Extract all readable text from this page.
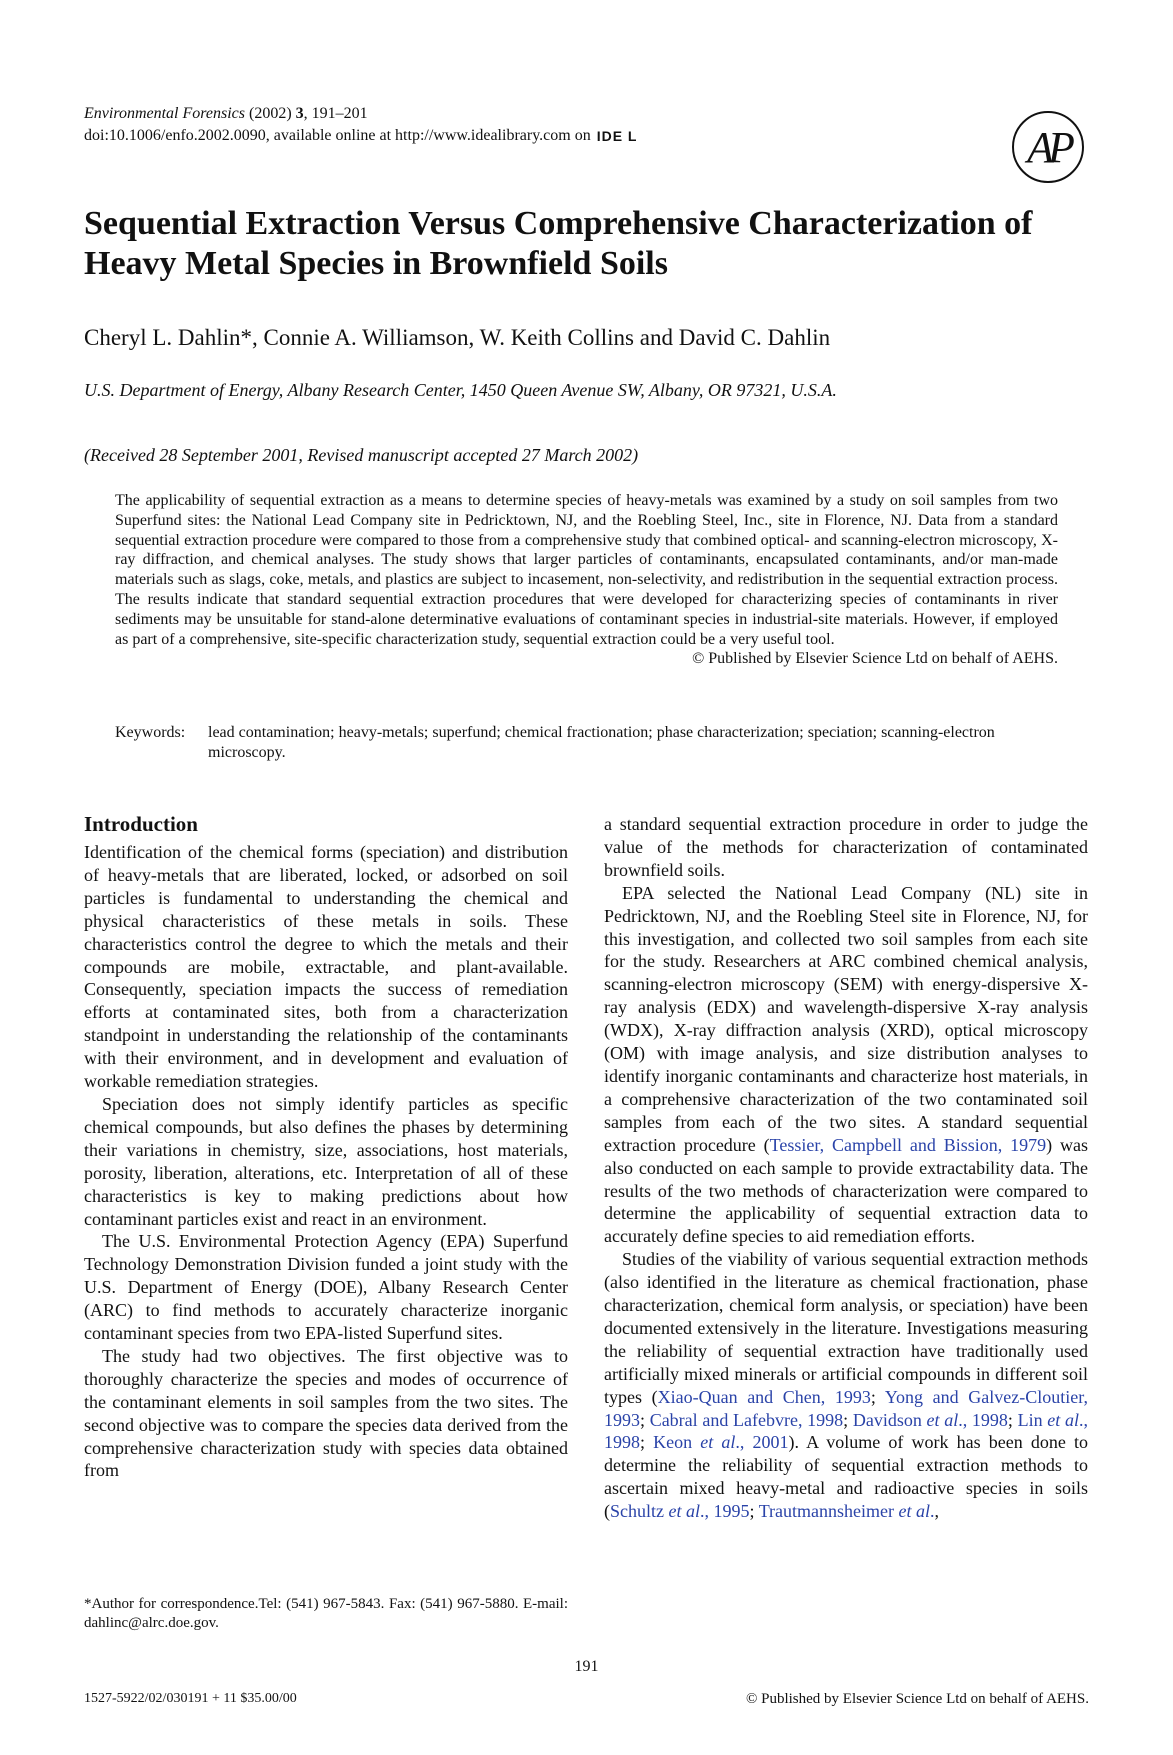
Environmental Forensics (2002) 3, 191–201
doi:10.1006/enfo.2002.0090, available online at http://www.idealibrary.com on IDE L	AP
Sequential Extraction Versus Comprehensive Characterization of Heavy Metal Species in Brownfield Soils
Cheryl L. Dahlin*, Connie A. Williamson, W. Keith Collins and David C. Dahlin
U.S. Department of Energy, Albany Research Center, 1450 Queen Avenue SW, Albany, OR 97321, U.S.A.
(Received 28 September 2001, Revised manuscript accepted 27 March 2002)
The applicability of sequential extraction as a means to determine species of heavy-metals was examined by a study on soil samples from two Superfund sites: the National Lead Company site in Pedricktown, NJ, and the Roebling Steel, Inc., site in Florence, NJ. Data from a standard sequential extraction procedure were compared to those from a comprehensive study that combined optical- and scanning-electron microscopy, X-ray diffraction, and chemical analyses. The study shows that larger particles of contaminants, encapsulated contaminants, and/or man-made materials such as slags, coke, metals, and plastics are subject to incasement, non-selectivity, and redistribution in the sequential extraction process. The results indicate that standard sequential extraction procedures that were developed for characterizing species of contaminants in river sediments may be unsuitable for stand-alone determinative evaluations of contaminant species in industrial-site materials. However, if employed as part of a comprehensive, site-specific characterization study, sequential extraction could be a very useful tool.
© Published by Elsevier Science Ltd on behalf of AEHS.
Keywords: lead contamination; heavy-metals; superfund; chemical fractionation; phase characterization; speciation; scanning-electron microscopy.
Introduction

Identification of the chemical forms (speciation) and distribution of heavy-metals that are liberated, locked, or adsorbed on soil particles is fundamental to understanding the chemical and physical characteristics of these metals in soils. These characteristics control the degree to which the metals and their compounds are mobile, extractable, and plant-available. Consequently, speciation impacts the success of remediation efforts at contaminated sites, both from a characterization standpoint in understanding the relationship of the contaminants with their environment, and in development and evaluation of workable remediation strategies.

Speciation does not simply identify particles as specific chemical compounds, but also defines the phases by determining their variations in chemistry, size, associations, host materials, porosity, liberation, alterations, etc. Interpretation of all of these characteristics is key to making predictions about how contaminant particles exist and react in an environment.

The U.S. Environmental Protection Agency (EPA) Superfund Technology Demonstration Division funded a joint study with the U.S. Department of Energy (DOE), Albany Research Center (ARC) to find methods to accurately characterize inorganic contaminant species from two EPA-listed Superfund sites.

The study had two objectives. The first objective was to thoroughly characterize the species and modes of occurrence of the contaminant elements in soil samples from the two sites. The second objective was to compare the species data derived from the comprehensive characterization study with species data obtained from

a standard sequential extraction procedure in order to judge the value of the methods for characterization of contaminated brownfield soils.

EPA selected the National Lead Company (NL) site in Pedricktown, NJ, and the Roebling Steel site in Florence, NJ, for this investigation, and collected two soil samples from each site for the study. Researchers at ARC combined chemical analysis, scanning-electron microscopy (SEM) with energy-dispersive X-ray analysis (EDX) and wavelength-dispersive X-ray analysis (WDX), X-ray diffraction analysis (XRD), optical microscopy (OM) with image analysis, and size distribution analyses to identify inorganic contaminants and characterize host materials, in a comprehensive characterization of the two contaminated soil samples from each of the two sites. A standard sequential extraction procedure (Tessier, Campbell and Bission, 1979) was also conducted on each sample to provide extractability data. The results of the two methods of characterization were compared to determine the applicability of sequential extraction data to accurately define species to aid remediation efforts.

Studies of the viability of various sequential extraction methods (also identified in the literature as chemical fractionation, phase characterization, chemical form analysis, or speciation) have been documented extensively in the literature. Investigations measuring the reliability of sequential extraction have traditionally used artificially mixed minerals or artificial compounds in different soil types (Xiao-Quan and Chen, 1993; Yong and Galvez-Cloutier, 1993; Cabral and Lafebvre, 1998; Davidson et al., 1998; Lin et al., 1998; Keon et al., 2001). A volume of work has been done to determine the reliability of sequential extraction methods to ascertain mixed heavy-metal and radioactive species in soils (Schultz et al., 1995; Trautmannsheimer et al.,

*Author for correspondence.Tel: (541) 967-5843. Fax: (541) 967-5880. E-mail: dahlinc@alrc.doe.gov.
191
1527-5922/02/030191 + 11 $35.00/00	© Published by Elsevier Science Ltd on behalf of AEHS.
